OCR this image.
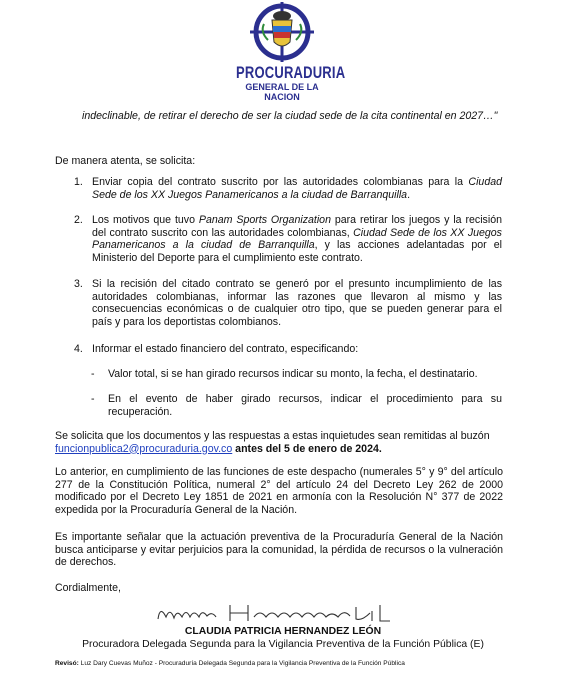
PROCURADURIA
GENERAL DE LA NACION
indeclinable, de retirar el derecho de ser la ciudad sede de la cita continental en 2027…"
De manera atenta, se solicita:
1. Enviar copia del contrato suscrito por las autoridades colombianas para la Ciudad Sede de los XX Juegos Panamericanos a la ciudad de Barranquilla.
2. Los motivos que tuvo Panam Sports Organization para retirar los juegos y la recisión del contrato suscrito con las autoridades colombianas, Ciudad Sede de los XX Juegos Panamericanos a la ciudad de Barranquilla, y las acciones adelantadas por el Ministerio del Deporte para el cumplimiento este contrato.
3. Si la recisión del citado contrato se generó por el presunto incumplimiento de las autoridades colombianas, informar las razones que llevaron al mismo y las consecuencias económicas o de cualquier otro tipo, que se pueden generar para el país y para los deportistas colombianos.
4. Informar el estado financiero del contrato, especificando:
- Valor total, si se han girado recursos indicar su monto, la fecha, el destinatario.
- En el evento de haber girado recursos, indicar el procedimiento para su recuperación.
Se solicita que los documentos y las respuestas a estas inquietudes sean remitidas al buzón
funcionpublica2@procuraduria.gov.co antes del 5 de enero de 2024.
Lo anterior, en cumplimiento de las funciones de este despacho (numerales 5° y 9° del artículo 277 de la Constitución Política, numeral 2° del artículo 24 del Decreto Ley 262 de 2000 modificado por el Decreto Ley 1851 de 2021 en armonía con la Resolución N° 377 de 2022 expedida por la Procuraduría General de la Nación.
Es importante señalar que la actuación preventiva de la Procuraduría General de la Nación busca anticiparse y evitar perjuicios para la comunidad, la pérdida de recursos o la vulneración de derechos.
Cordialmente,
CLAUDIA PATRICIA HERNANDEZ LEÓN
Procuradora Delegada Segunda para la Vigilancia Preventiva de la Función Pública (E)
Revisó: Luz Dary Cuevas Muñoz - Procuraduría Delegada Segunda para la Vigilancia Preventiva de la Función Pública
